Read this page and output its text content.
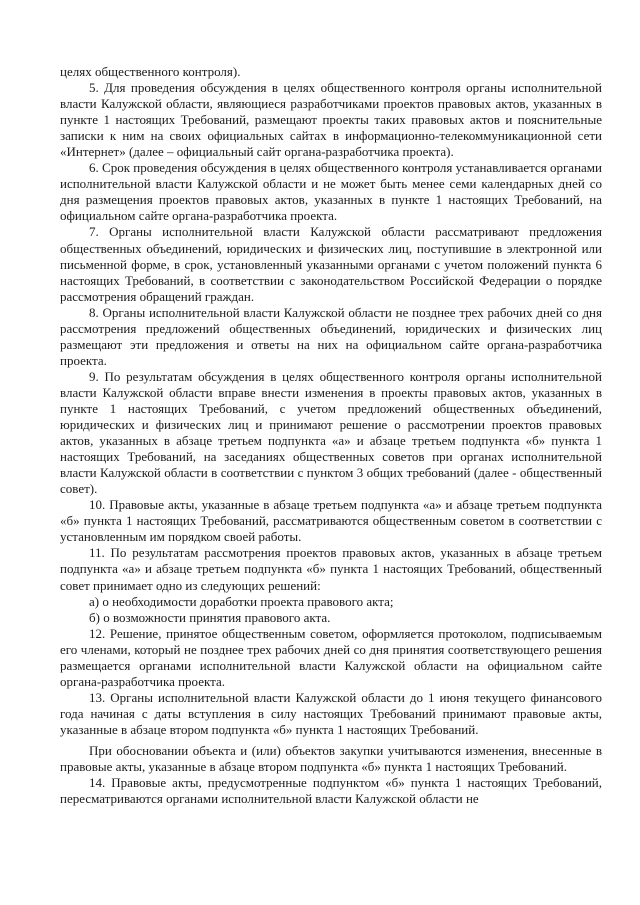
целях общественного контроля).

5. Для проведения обсуждения в целях общественного контроля органы исполнительной власти Калужской области, являющиеся разработчиками проектов правовых актов, указанных в пункте 1 настоящих Требований, размещают проекты таких правовых актов и пояснительные записки к ним на своих официальных сайтах в информационно-телекоммуникационной сети «Интернет» (далее – официальный сайт органа-разработчика проекта).

6. Срок проведения обсуждения в целях общественного контроля устанавливается органами исполнительной власти Калужской области и не может быть менее семи календарных дней со дня размещения проектов правовых актов, указанных в пункте 1 настоящих Требований, на официальном сайте органа-разработчика проекта.

7. Органы исполнительной власти Калужской области рассматривают предложения общественных объединений, юридических и физических лиц, поступившие в электронной или письменной форме, в срок, установленный указанными органами с учетом положений пункта 6 настоящих Требований, в соответствии с законодательством Российской Федерации о порядке рассмотрения обращений граждан.

8. Органы исполнительной власти Калужской области не позднее трех рабочих дней со дня рассмотрения предложений общественных объединений, юридических и физических лиц размещают эти предложения и ответы на них на официальном сайте органа-разработчика проекта.

9. По результатам обсуждения в целях общественного контроля органы исполнительной власти Калужской области вправе внести изменения в проекты правовых актов, указанных в пункте 1 настоящих Требований, с учетом предложений общественных объединений, юридических и физических лиц и принимают решение о рассмотрении проектов правовых актов, указанных в абзаце третьем подпункта «а» и абзаце третьем подпункта «б» пункта 1 настоящих Требований, на заседаниях общественных советов при органах исполнительной власти Калужской области в соответствии с пунктом 3 общих требований (далее - общественный совет).

10. Правовые акты, указанные в абзаце третьем подпункта «а» и абзаце третьем подпункта «б» пункта 1 настоящих Требований, рассматриваются общественным советом в соответствии с установленным им порядком своей работы.

11. По результатам рассмотрения проектов правовых актов, указанных в абзаце третьем подпункта «а» и абзаце третьем подпункта «б» пункта 1 настоящих Требований, общественный совет принимает одно из следующих решений:

а) о необходимости доработки проекта правового акта;

б) о возможности принятия правового акта.

12. Решение, принятое общественным советом, оформляется протоколом, подписываемым его членами, который не позднее трех рабочих дней со дня принятия соответствующего решения размещается органами исполнительной власти Калужской области на официальном сайте органа-разработчика проекта.

13. Органы исполнительной власти Калужской области до 1 июня текущего финансового года начиная с даты вступления в силу настоящих Требований принимают правовые акты, указанные в абзаце втором подпункта «б» пункта 1 настоящих Требований.

При обосновании объекта и (или) объектов закупки учитываются изменения, внесенные в правовые акты, указанные в абзаце втором подпункта «б» пункта 1 настоящих Требований.

14. Правовые акты, предусмотренные подпунктом «б» пункта 1 настоящих Требований, пересматриваются органами исполнительной власти Калужской области не
